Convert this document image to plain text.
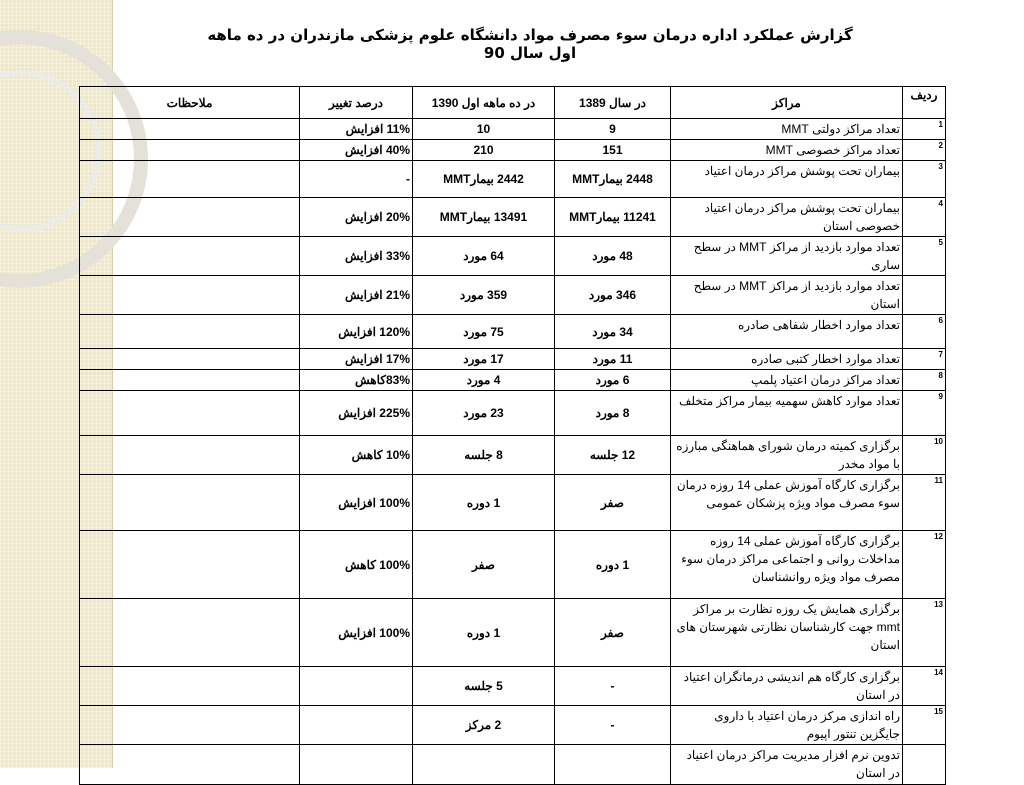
گزارش عملکرد اداره درمان سوء مصرف مواد دانشگاه علوم پزشکی مازندران در ده ماهه اول سال 90
ملاحظات	درصد تغییر	در ده ماهه اول 1390	در سال 1389	مراکز	ردیف
	11% افزایش	10	9	تعداد مراکز دولتی MMT	1
	40% افزایش	210	151	تعداد مراکز خصوصی MMT	2
	-	2442 بیمارMMT	2448 بیمارMMT	بیماران تحت پوشش مراکز درمان اعتیاد	3
	20% افزایش	13491 بیمارMMT	11241 بیمارMMT	بیماران تحت پوشش مراکز درمان اعتیاد خصوصی استان	4
	33% افزایش	64 مورد	48 مورد	تعداد موارد بازدید از مراکز MMT در سطح ساری	5
	21% افزایش	359 مورد	346 مورد	تعداد موارد بازدید از مراکز MMT در سطح استان	
	120% افزایش	75 مورد	34 مورد	تعداد موارد اخطار شفاهی صادره	6
	17% افزایش	17 مورد	11 مورد	تعداد موارد اخطار کتبی صادره	7
	83%کاهش	4 مورد	6 مورد	تعداد مراکز درمان اعتیاد پلمپ	8
	225% افزایش	23 مورد	8 مورد	تعداد موارد کاهش سهمیه بیمار مراکز متخلف	9
	10% کاهش	8 جلسه	12 جلسه	برگزاری کمیته درمان شورای هماهنگی مبارزه با مواد مخدر	10
	100% افزایش	1 دوره	صفر	برگزاری کارگاه آموزش عملی 14 روزه درمان سوء مصرف مواد ویژه پزشکان عمومی	11
	100% کاهش	صفر	1 دوره	برگزاری کارگاه آموزش عملی 14 روزه مداخلات روانی و اجتماعی مراکز درمان سوء مصرف مواد ویژه روانشناسان	12
	100% افزایش	1 دوره	صفر	برگزاری همایش یک روزه نظارت بر مراکز mmt جهت کارشناسان نظارتی شهرستان های استان	13
		5 جلسه	-	برگزاری کارگاه هم اندیشی درمانگران اعتیاد در استان	14
		2 مرکز	-	راه اندازی مرکز درمان اعتیاد با داروی جایگزین تنتور اپیوم	15
				تدوین نرم افزار مدیریت مراکز درمان اعتیاد در استان	
